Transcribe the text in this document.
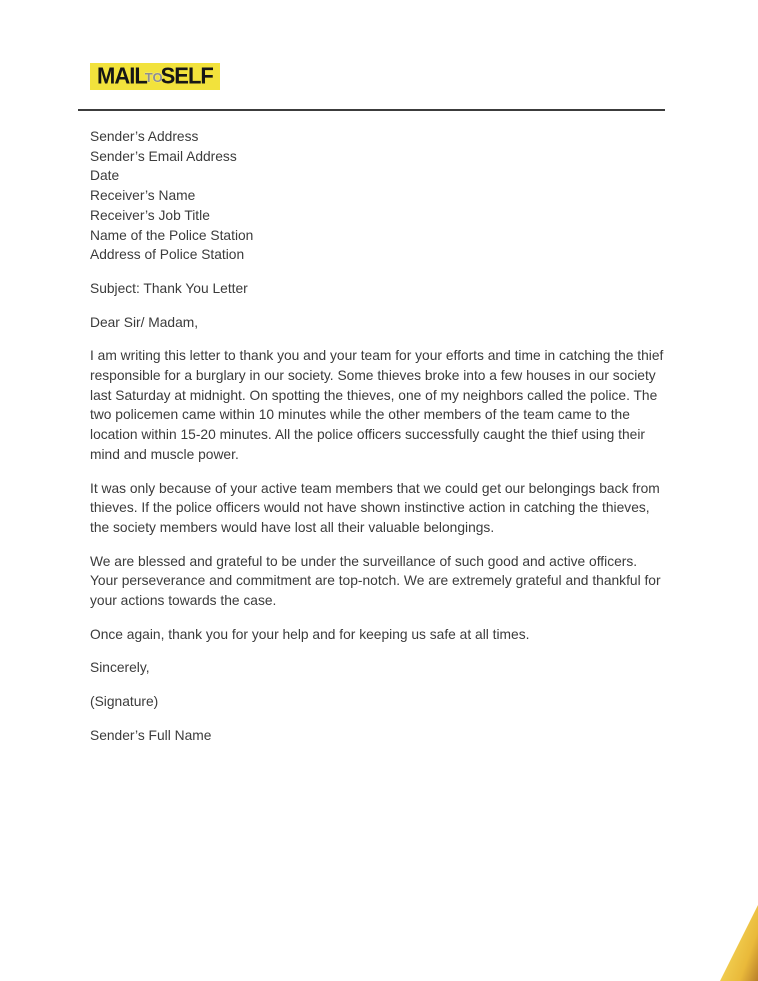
MAIL
TO
SELF
Sender’s Address
Sender’s Email Address
Date
Receiver’s Name
Receiver’s Job Title
Name of the Police Station
Address of Police Station

Subject: Thank You Letter

Dear Sir/ Madam,

I am writing this letter to thank you and your team for your efforts and time in catching the thief responsible for a burglary in our society. Some thieves broke into a few houses in our society last Saturday at midnight. On spotting the thieves, one of my neighbors called the police. The two policemen came within 10 minutes while the other members of the team came to the location within 15-20 minutes. All the police officers successfully caught the thief using their mind and muscle power.

It was only because of your active team members that we could get our belongings back from thieves. If the police officers would not have shown instinctive action in catching the thieves, the society members would have lost all their valuable belongings.

We are blessed and grateful to be under the surveillance of such good and active officers. Your perseverance and commitment are top-notch. We are extremely grateful and thankful for your actions towards the case.

Once again, thank you for your help and for keeping us safe at all times.

Sincerely,

(Signature)

Sender’s Full Name
